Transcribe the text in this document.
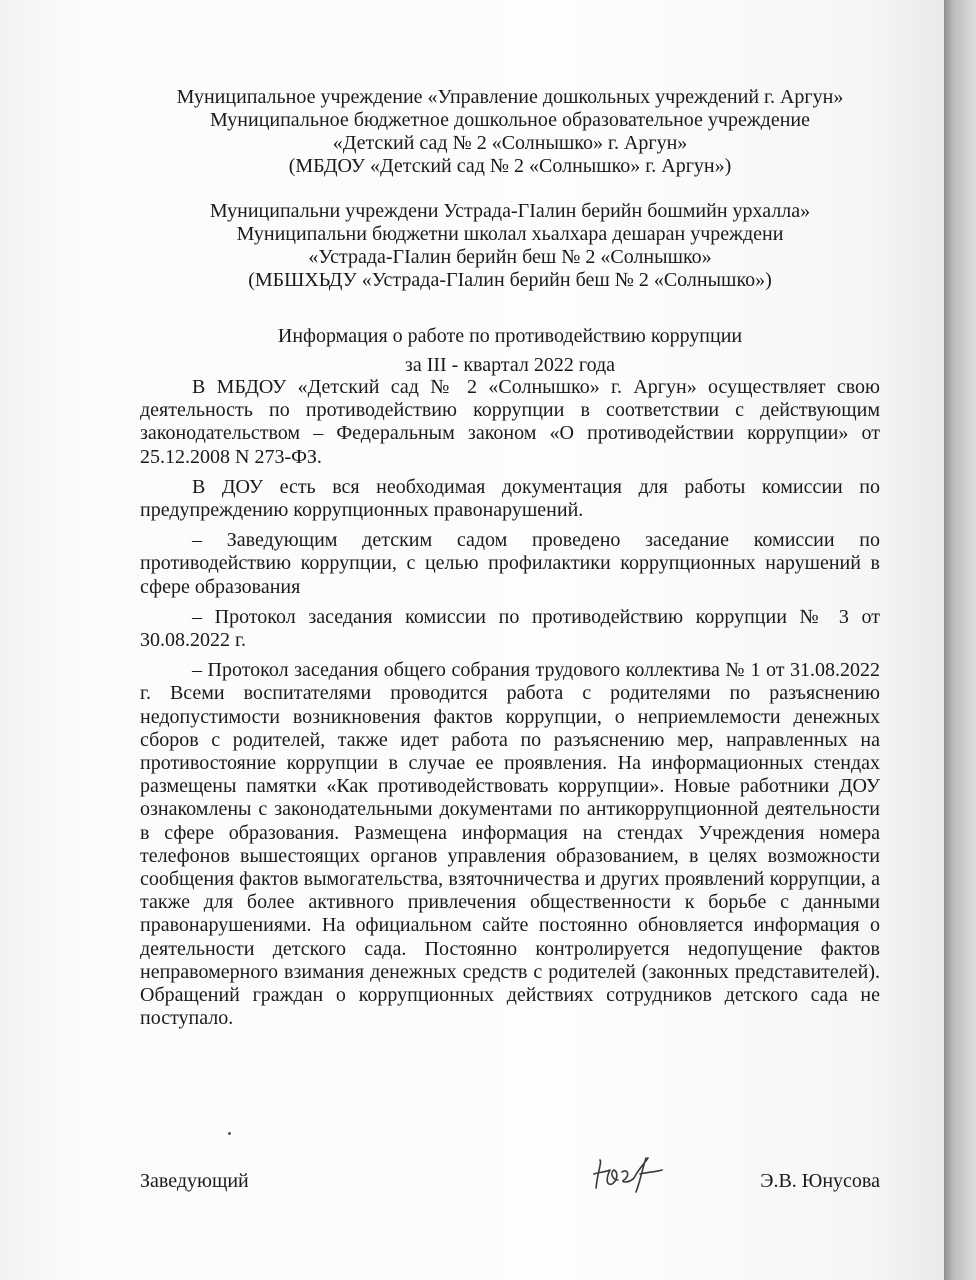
Муниципальное учреждение «Управление дошкольных учреждений г. Аргун»
Муниципальное бюджетное дошкольное образовательное учреждение
«Детский сад № 2 «Солнышко» г. Аргун»
(МБДОУ «Детский сад № 2 «Солнышко» г. Аргун»)
Муниципальни учреждени Устрада-ГIалин берийн бошмийн урхалла»
Муниципальни бюджетни школал хьалхара дешаран учреждени
«Устрада-ГIалин берийн беш № 2 «Солнышко»
(МБШХЬДУ «Устрада-ГIалин берийн беш № 2 «Солнышко»)
Информация о работе по противодействию коррупции
за III - квартал 2022 года

В МБДОУ «Детский сад № 2 «Солнышко» г. Аргун» осуществляет свою деятельность по противодействию коррупции в соответствии с действующим законодательством – Федеральным законом «О противодействии коррупции» от 25.12.2008 N 273-ФЗ.

В ДОУ есть вся необходимая документация для работы комиссии по предупреждению коррупционных правонарушений.

– Заведующим детским садом проведено заседание комиссии по противодействию коррупции, с целью профилактики коррупционных нарушений в сфере образования

– Протокол заседания комиссии по противодействию коррупции № 3 от 30.08.2022 г.

– Протокол заседания общего собрания трудового коллектива № 1 от 31.08.2022 г. Всеми воспитателями проводится работа с родителями по разъяснению недопустимости возникновения фактов коррупции, о неприемлемости денежных сборов с родителей, также идет работа по разъяснению мер, направленных на противостояние коррупции в случае ее проявления. На информационных стендах размещены памятки «Как противодействовать коррупции». Новые работники ДОУ ознакомлены с законодательными документами по антикоррупционной деятельности в сфере образования. Размещена информация на стендах Учреждения номера телефонов вышестоящих органов управления образованием, в целях возможности сообщения фактов вымогательства, взяточничества и других проявлений коррупции, а также для более активного привлечения общественности к борьбе с данными правонарушениями. На официальном сайте постоянно обновляется информация о деятельности детского сада. Постоянно контролируется недопущение фактов неправомерного взимания денежных средств с родителей (законных представителей). Обращений граждан о коррупционных действиях сотрудников детского сада не поступало.

Заведующий	Э.В. Юнусова
